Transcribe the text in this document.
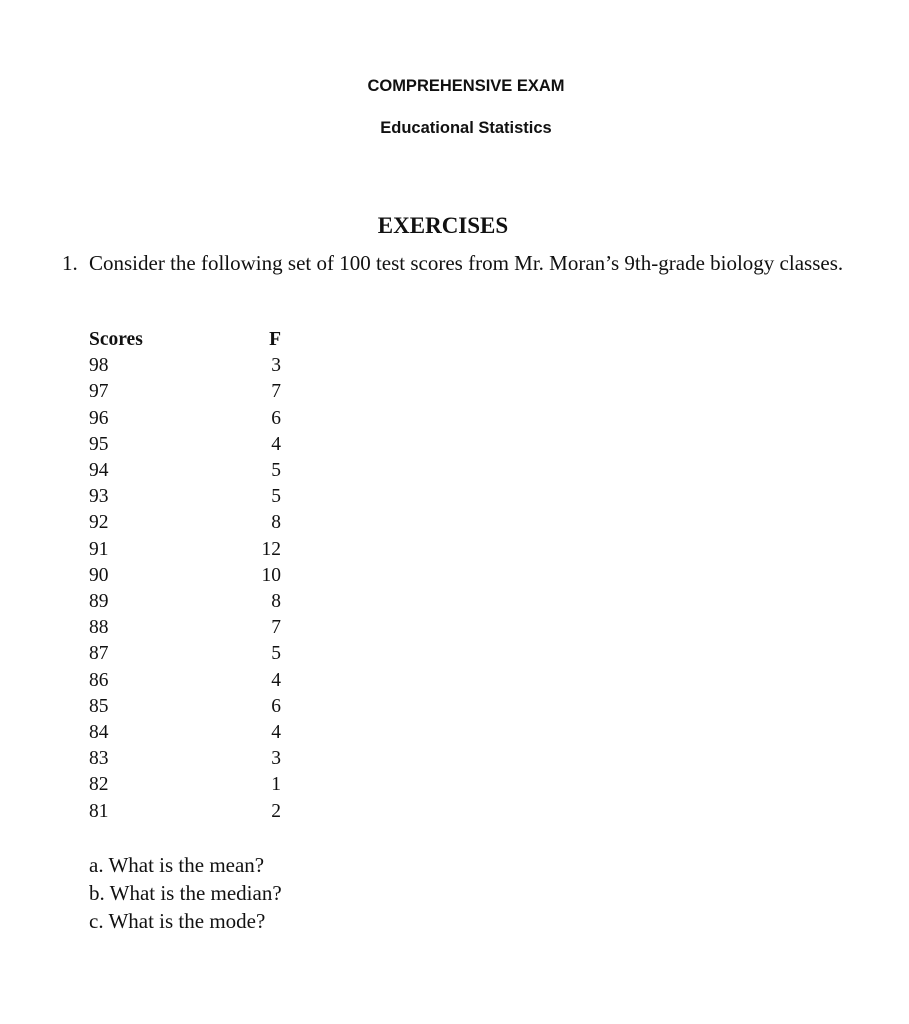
COMPREHENSIVE EXAM
Educational Statistics
EXERCISES
1. Consider the following set of 100 test scores from Mr. Moran’s 9th-grade biology classes.
Scores	F
98	3
97	7
96	6
95	4
94	5
93	5
92	8
91	12
90	10
89	8
88	7
87	5
86	4
85	6
84	4
83	3
82	1
81	2
a. What is the mean?
b. What is the median?
c. What is the mode?
